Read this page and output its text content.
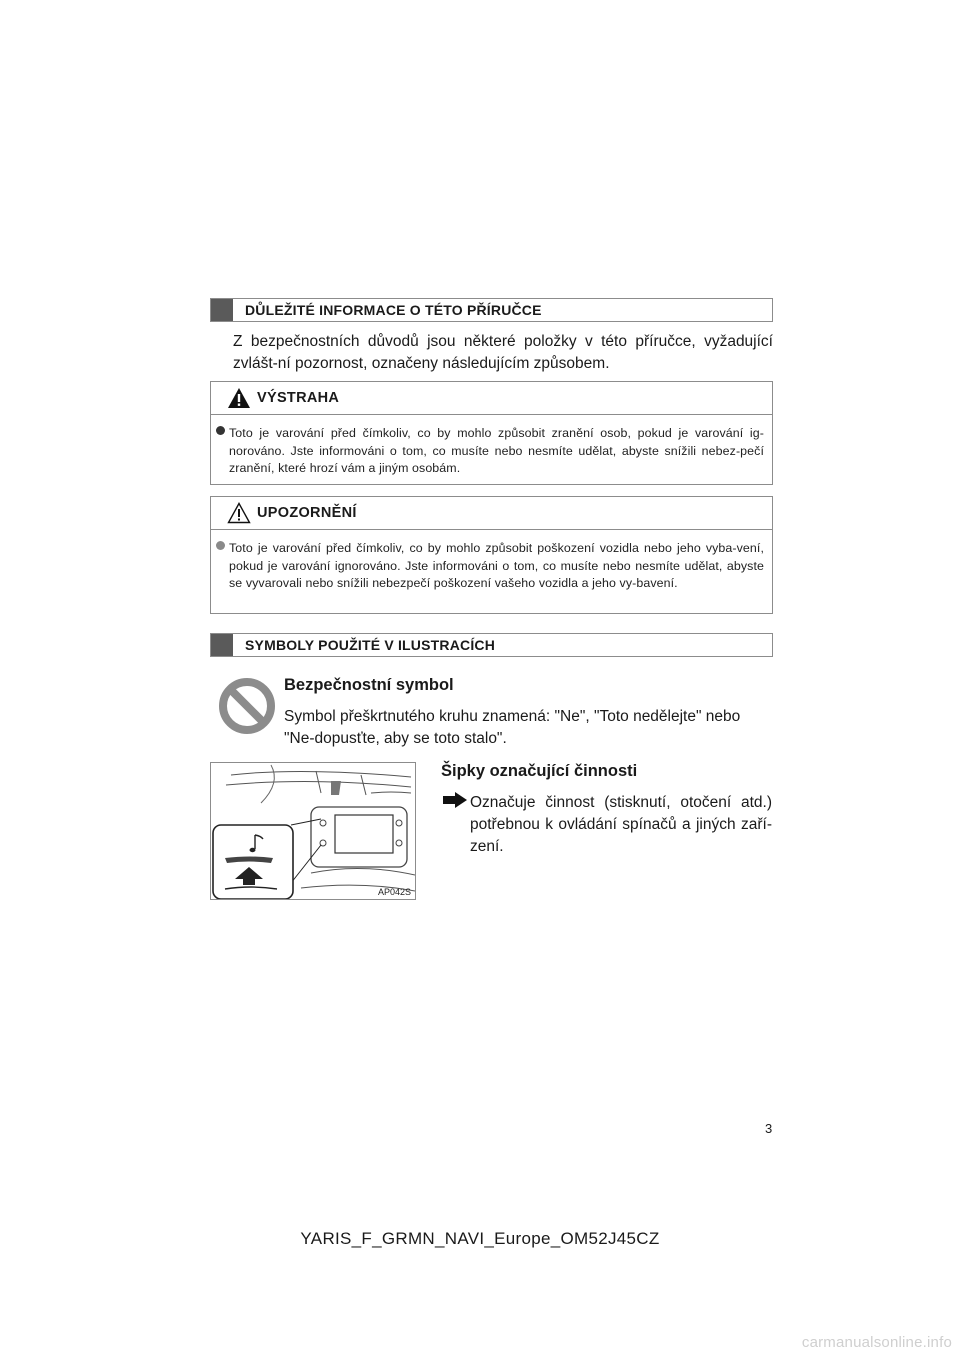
DŮLEŽITÉ INFORMACE O TÉTO PŘÍRUČCE
Z bezpečnostních důvodů jsou některé položky v této příručce, vyžadující zvlášt-ní pozornost, označeny následujícím způsobem.
VÝSTRAHA
Toto je varování před čímkoliv, co by mohlo způsobit zranění osob, pokud je varování ig-norováno. Jste informováni o tom, co musíte nebo nesmíte udělat, abyste snížili nebez-pečí zranění, které hrozí vám a jiným osobám.
UPOZORNĚNÍ
Toto je varování před čímkoliv, co by mohlo způsobit poškození vozidla nebo jeho vyba-vení, pokud je varování ignorováno. Jste informováni o tom, co musíte nebo nesmíte udělat, abyste se vyvarovali nebo snížili nebezpečí poškození vašeho vozidla a jeho vy-bavení.
SYMBOLY POUŽITÉ V ILUSTRACÍCH
Bezpečnostní symbol
Symbol přeškrtnutého kruhu znamená: "Ne", "Toto nedělejte" nebo "Ne-dopusťte, aby se toto stalo".
AP042S
Šipky označující činnosti
Označuje činnost (stisknutí, otočení atd.) potřebnou k ovládání spínačů a jiných zaří-zení.
3
YARIS_F_GRMN_NAVI_Europe_OM52J45CZ
carmanualsonline.info
